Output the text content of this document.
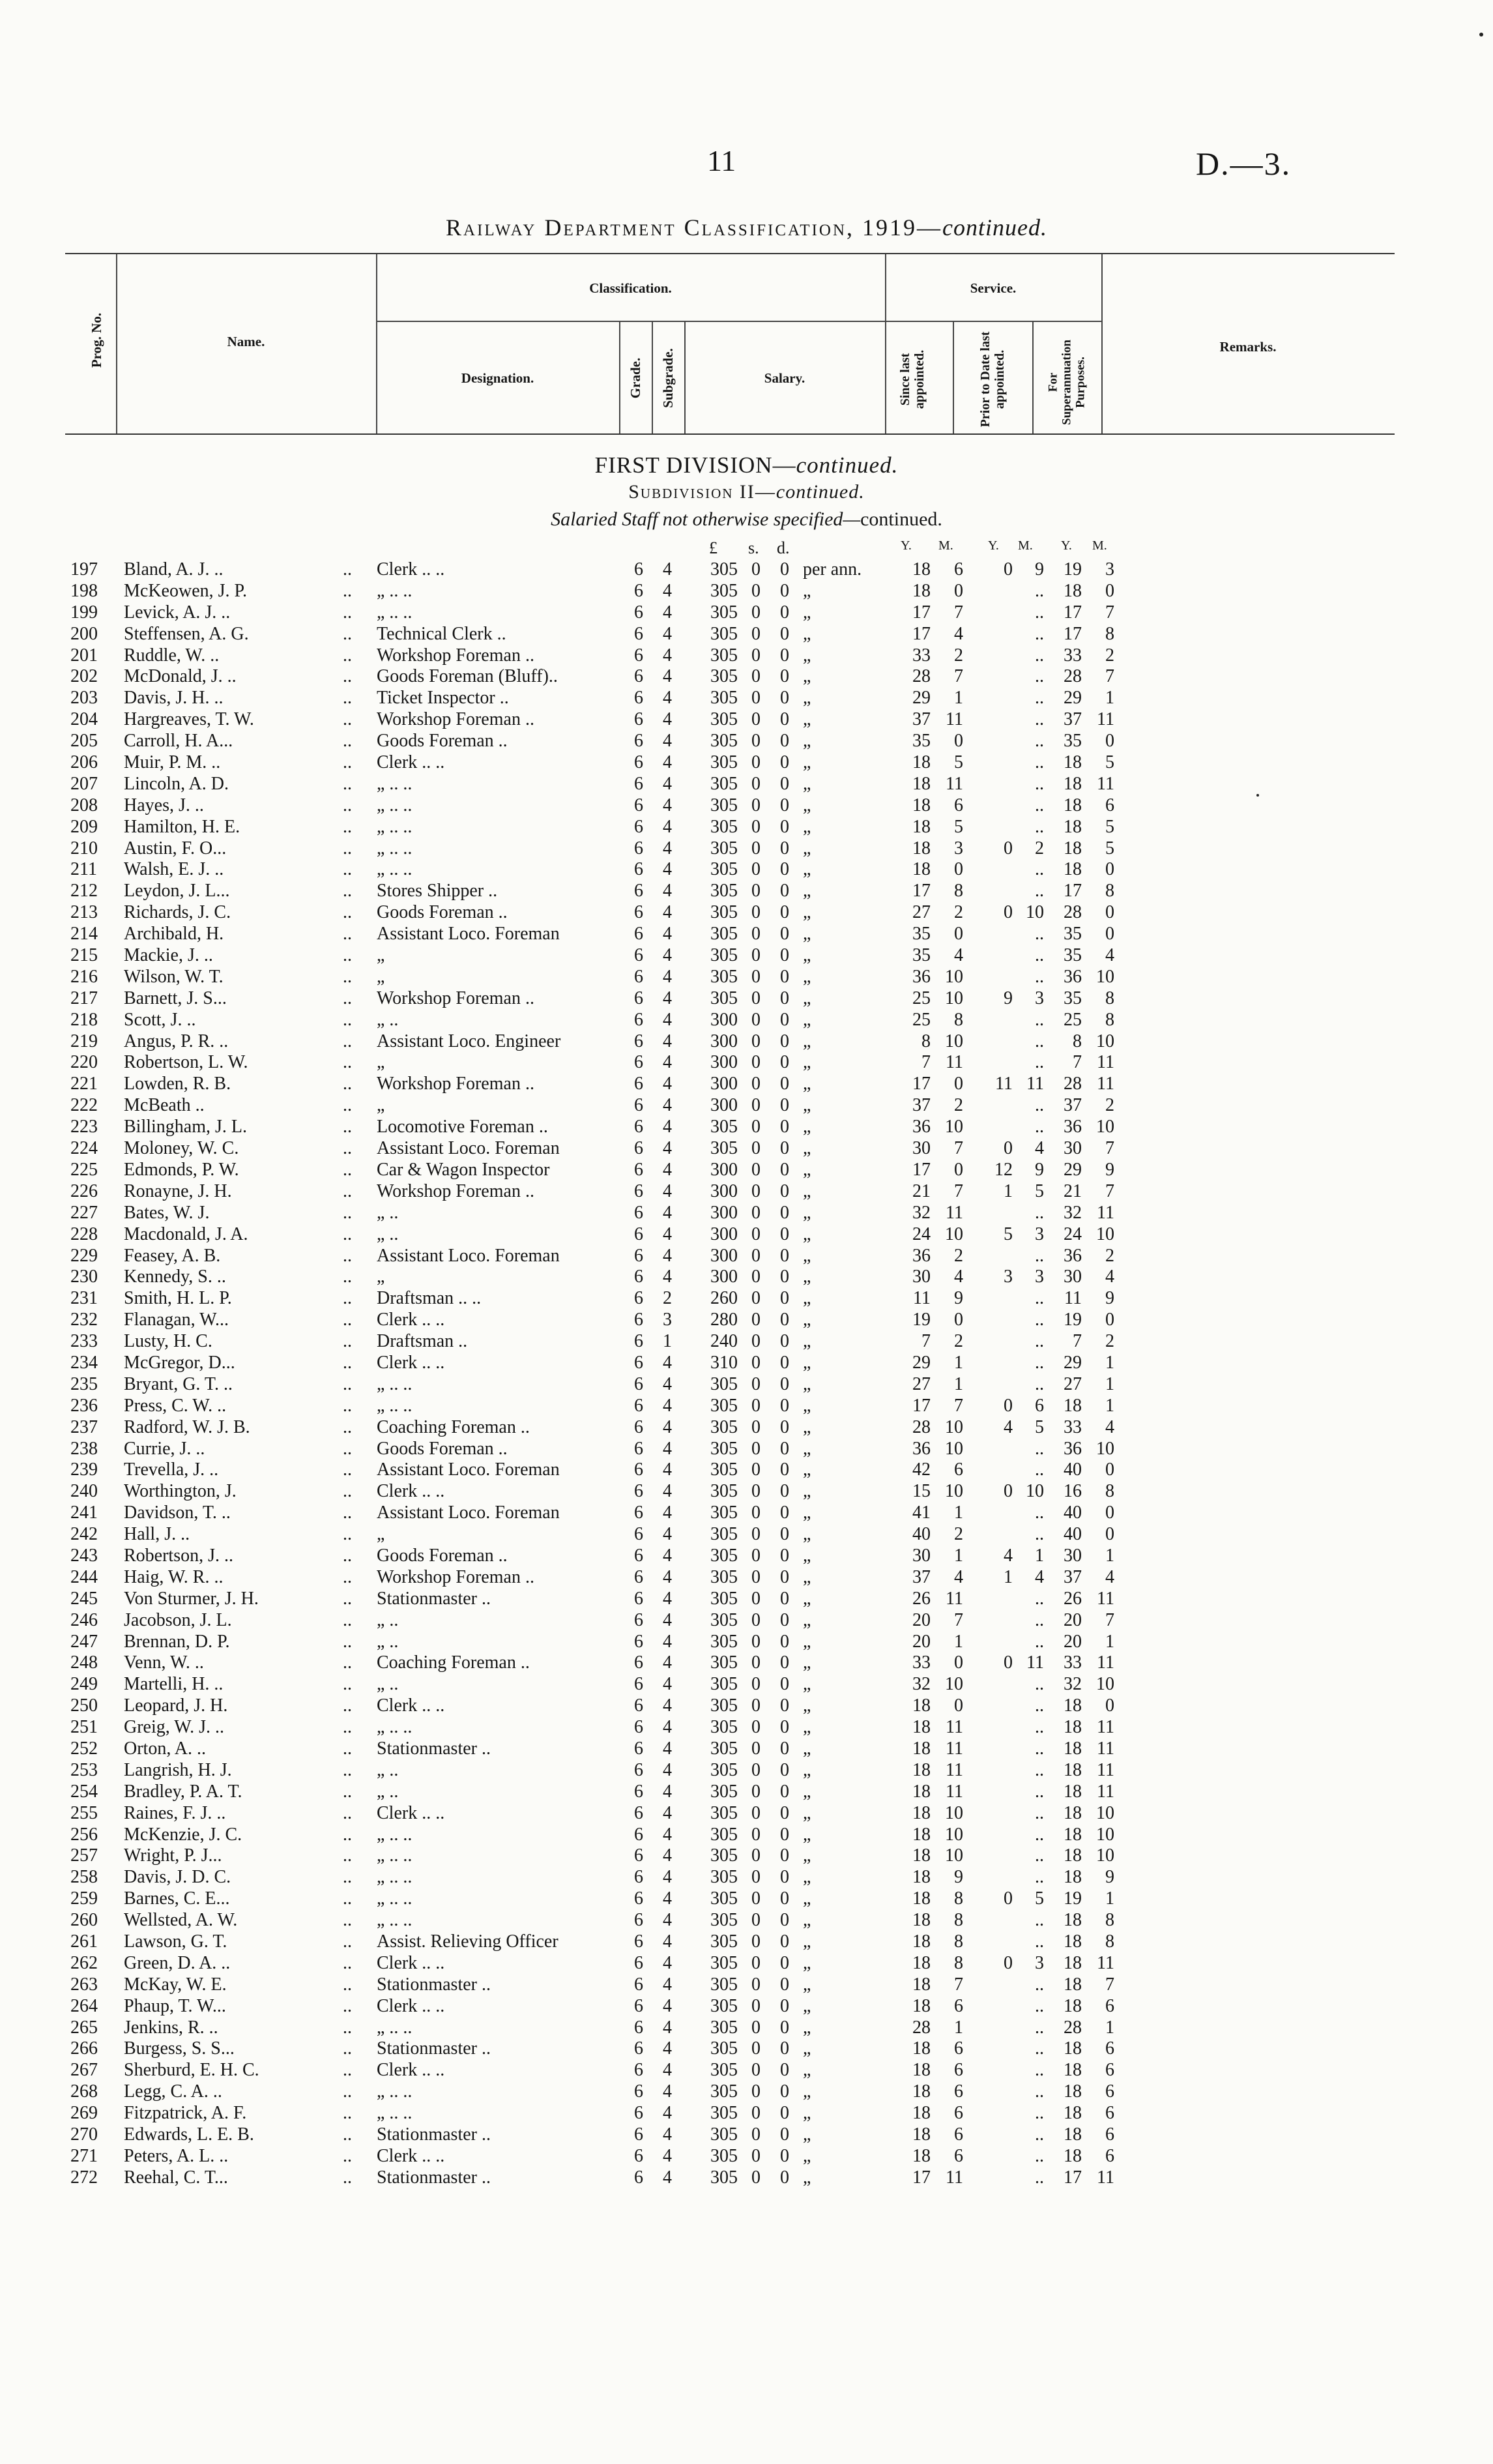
11	D.—3.
Railway Department Classification, 1919—continued.
Prog. No.	Name.
Classification.
Designation.	Grade. Subgrade.	Salary.
Service.
Since last appointed.	Prior to Date last appointed.	For Superannuation Purposes.
Remarks.
FIRST DIVISION—continued.
Subdivision II—continued.
Salaried Staff not otherwise specified—continued.
£ s. d.	Y. M.	Y. M. Y. M.
197	Bland, A. J. ..	.. Clerk .. ..	6 4	305 0 0 per ann.	18	6	0	9	19	3
198	McKeowen, J. P.	.. „ .. ..	6 4	305 0 0 „	18	0	..	18	0
199	Levick, A. J. ..	.. „ .. ..	6 4	305 0 0 „	17	7	..	17	7
200	Steffensen, A. G.	.. Technical Clerk ..	6 4	305 0 0 „	17	4	..	17	8
201	Ruddle, W. ..	.. Workshop Foreman ..	6 4	305 0 0 „	33	2	..	33	2
202	McDonald, J. ..	.. Goods Foreman (Bluff)..	6 4	305 0 0 „	28	7	..	28	7
203	Davis, J. H. ..	.. Ticket Inspector ..	6 4	305 0 0 „	29	1	..	29	1
204	Hargreaves, T. W.	.. Workshop Foreman ..	6 4	305 0 0 „	37 11	..	37 11
205	Carroll, H. A...	.. Goods Foreman ..	6 4	305 0 0 „	35	0	..	35	0
206	Muir, P. M. ..	.. Clerk .. ..	6 4	305 0 0 „	18	5	..	18	5
207	Lincoln, A. D.	.. „ .. ..	6 4	305 0 0 „	18 11	..	18 11
208	Hayes, J. ..	.. „ .. ..	6 4	305 0 0 „	18	6	..	18	6
209	Hamilton, H. E.	.. „ .. ..	6 4	305 0 0 „	18	5	..	18	5
210	Austin, F. O...	.. „ .. ..	6 4	305 0 0 „	18	3	0	2	18	5
211	Walsh, E. J. ..	.. „ .. ..	6 4	305 0 0 „	18	0	..	18	0
212	Leydon, J. L...	.. Stores Shipper ..	6 4	305 0 0 „	17	8	..	17	8
213	Richards, J. C.	.. Goods Foreman ..	6 4	305 0 0 „	27	2	0 10	28	0
214	Archibald, H.	.. Assistant Loco. Foreman	6 4	305 0 0 „	35	0	..	35	0
215	Mackie, J. ..	.. „	6 4	305 0 0 „	35	4	..	35	4
216	Wilson, W. T.	.. „	6 4	305 0 0 „	36 10	..	36 10
217	Barnett, J. S...	.. Workshop Foreman ..	6 4	305 0 0 „	25 10	9	3	35	8
218	Scott, J. ..	.. „ ..	6 4	300 0 0 „	25	8	..	25	8
219	Angus, P. R. ..	.. Assistant Loco. Engineer	6 4	300 0 0 „	8 10	..	8 10
220	Robertson, L. W.	.. „	6 4	300 0 0 „	7 11	..	7 11
221	Lowden, R. B.	.. Workshop Foreman ..	6 4	300 0 0 „	17	0	11 11	28 11
222	McBeath ..	.. „	6 4	300 0 0 „	37	2	..	37	2
223	Billingham, J. L.	.. Locomotive Foreman ..	6 4	305 0 0 „	36 10	..	36 10
224	Moloney, W. C.	.. Assistant Loco. Foreman	6 4	305 0 0 „	30	7	0	4	30	7
225	Edmonds, P. W.	.. Car & Wagon Inspector	6 4	300 0 0 „	17	0	12	9	29	9
226	Ronayne, J. H.	.. Workshop Foreman ..	6 4	300 0 0 „	21	7	1	5	21	7
227	Bates, W. J.	.. „ ..	6 4	300 0 0 „	32 11	..	32 11
228	Macdonald, J. A.	.. „ ..	6 4	300 0 0 „	24 10	5	3	24 10
229	Feasey, A. B.	.. Assistant Loco. Foreman	6 4	300 0 0 „	36	2	..	36	2
230	Kennedy, S. ..	.. „	6 4	300 0 0 „	30	4	3	3	30	4
231	Smith, H. L. P.	.. Draftsman .. ..	6 2	260 0 0 „	11	9	..	11	9
232	Flanagan, W...	.. Clerk .. ..	6 3	280 0 0 „	19	0	..	19	0
233	Lusty, H. C.	.. Draftsman ..	6 1	240 0 0 „	7	2	..	7	2
234	McGregor, D...	.. Clerk .. ..	6 4	310 0 0 „	29	1	..	29	1
235	Bryant, G. T. ..	.. „ .. ..	6 4	305 0 0 „	27	1	..	27	1
236	Press, C. W. ..	.. „ .. ..	6 4	305 0 0 „	17	7	0	6	18	1
237	Radford, W. J. B.	.. Coaching Foreman ..	6 4	305 0 0 „	28 10	4	5	33	4
238	Currie, J. ..	.. Goods Foreman ..	6 4	305 0 0 „	36 10	..	36 10
239	Trevella, J. ..	.. Assistant Loco. Foreman	6 4	305 0 0 „	42	6	..	40	0
240	Worthington, J.	.. Clerk .. ..	6 4	305 0 0 „	15 10	0 10	16	8
241	Davidson, T. ..	.. Assistant Loco. Foreman	6 4	305 0 0 „	41	1	..	40	0
242	Hall, J. ..	.. „	6 4	305 0 0 „	40	2	..	40	0
243	Robertson, J. ..	.. Goods Foreman ..	6 4	305 0 0 „	30	1	4	1	30	1
244	Haig, W. R. ..	.. Workshop Foreman ..	6 4	305 0 0 „	37	4	1	4	37	4
245	Von Sturmer, J. H.	.. Stationmaster ..	6 4	305 0 0 „	26 11	..	26 11
246	Jacobson, J. L.	.. „ ..	6 4	305 0 0 „	20	7	..	20	7
247	Brennan, D. P.	.. „ ..	6 4	305 0 0 „	20	1	..	20	1
248	Venn, W. ..	.. Coaching Foreman ..	6 4	305 0 0 „	33	0	0 11	33 11
249	Martelli, H. ..	.. „ ..	6 4	305 0 0 „	32 10	..	32 10
250	Leopard, J. H.	.. Clerk .. ..	6 4	305 0 0 „	18	0	..	18	0
251	Greig, W. J. ..	.. „ .. ..	6 4	305 0 0 „	18 11	..	18 11
252	Orton, A. ..	.. Stationmaster ..	6 4	305 0 0 „	18 11	..	18 11
253	Langrish, H. J.	.. „ ..	6 4	305 0 0 „	18 11	..	18 11
254	Bradley, P. A. T.	.. „ ..	6 4	305 0 0 „	18 11	..	18 11
255	Raines, F. J. ..	.. Clerk .. ..	6 4	305 0 0 „	18 10	..	18 10
256	McKenzie, J. C.	.. „ .. ..	6 4	305 0 0 „	18 10	..	18 10
257	Wright, P. J...	.. „ .. ..	6 4	305 0 0 „	18 10	..	18 10
258	Davis, J. D. C.	.. „ .. ..	6 4	305 0 0 „	18	9	..	18	9
259	Barnes, C. E...	.. „ .. ..	6 4	305 0 0 „	18	8	0	5	19	1
260	Wellsted, A. W.	.. „ .. ..	6 4	305 0 0 „	18	8	..	18	8
261	Lawson, G. T.	.. Assist. Relieving Officer	6 4	305 0 0 „	18	8	..	18	8
262	Green, D. A. ..	.. Clerk .. ..	6 4	305 0 0 „	18	8	0	3	18 11
263	McKay, W. E.	.. Stationmaster ..	6 4	305 0 0 „	18	7	..	18	7
264	Phaup, T. W...	.. Clerk .. ..	6 4	305 0 0 „	18	6	..	18	6
265	Jenkins, R. ..	.. „ .. ..	6 4	305 0 0 „	28	1	..	28	1
266	Burgess, S. S...	.. Stationmaster ..	6 4	305 0 0 „	18	6	..	18	6
267	Sherburd, E. H. C.	.. Clerk .. ..	6 4	305 0 0 „	18	6	..	18	6
268	Legg, C. A. ..	.. „ .. ..	6 4	305 0 0 „	18	6	..	18	6
269	Fitzpatrick, A. F.	.. „ .. ..	6 4	305 0 0 „	18	6	..	18	6
270	Edwards, L. E. B.	.. Stationmaster ..	6 4	305 0 0 „	18	6	..	18	6
271	Peters, A. L. ..	.. Clerk .. ..	6 4	305 0 0 „	18	6	..	18	6
272	Reehal, C. T...	.. Stationmaster ..	6 4	305 0 0 „	17 11	..	17 11
